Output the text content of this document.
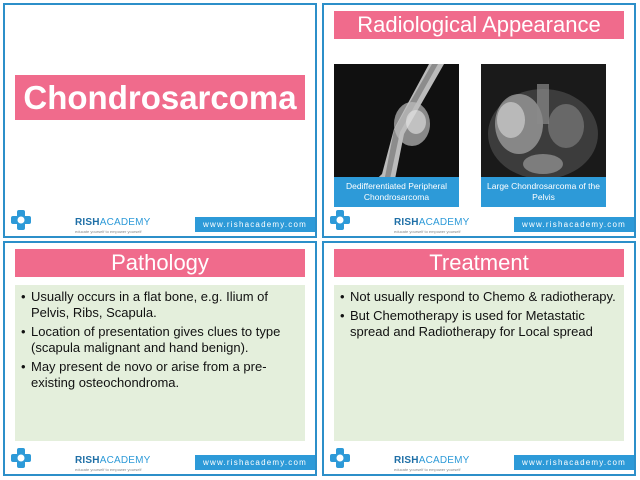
Chondrosarcoma
RISHACADEMY
educate yourself to empower yourself
www.rishacademy.com
Radiological Appearance
Dedifferentiated Peripheral Chondrosarcoma
Large Chondrosarcoma of the Pelvis
RISHACADEMY
educate yourself to empower yourself
www.rishacademy.com
Pathology
• Usually occurs in a flat bone, e.g. Ilium of Pelvis, Ribs, Scapula.
• Location of presentation gives clues to type (scapula malignant and hand benign).
• May present de novo or arise from a pre-existing osteochondroma.
RISHACADEMY
educate yourself to empower yourself
www.rishacademy.com
Treatment
• Not usually respond to Chemo & radiotherapy.
• But Chemotherapy is used for Metastatic spread and Radiotherapy for Local spread
RISHACADEMY
educate yourself to empower yourself
www.rishacademy.com
